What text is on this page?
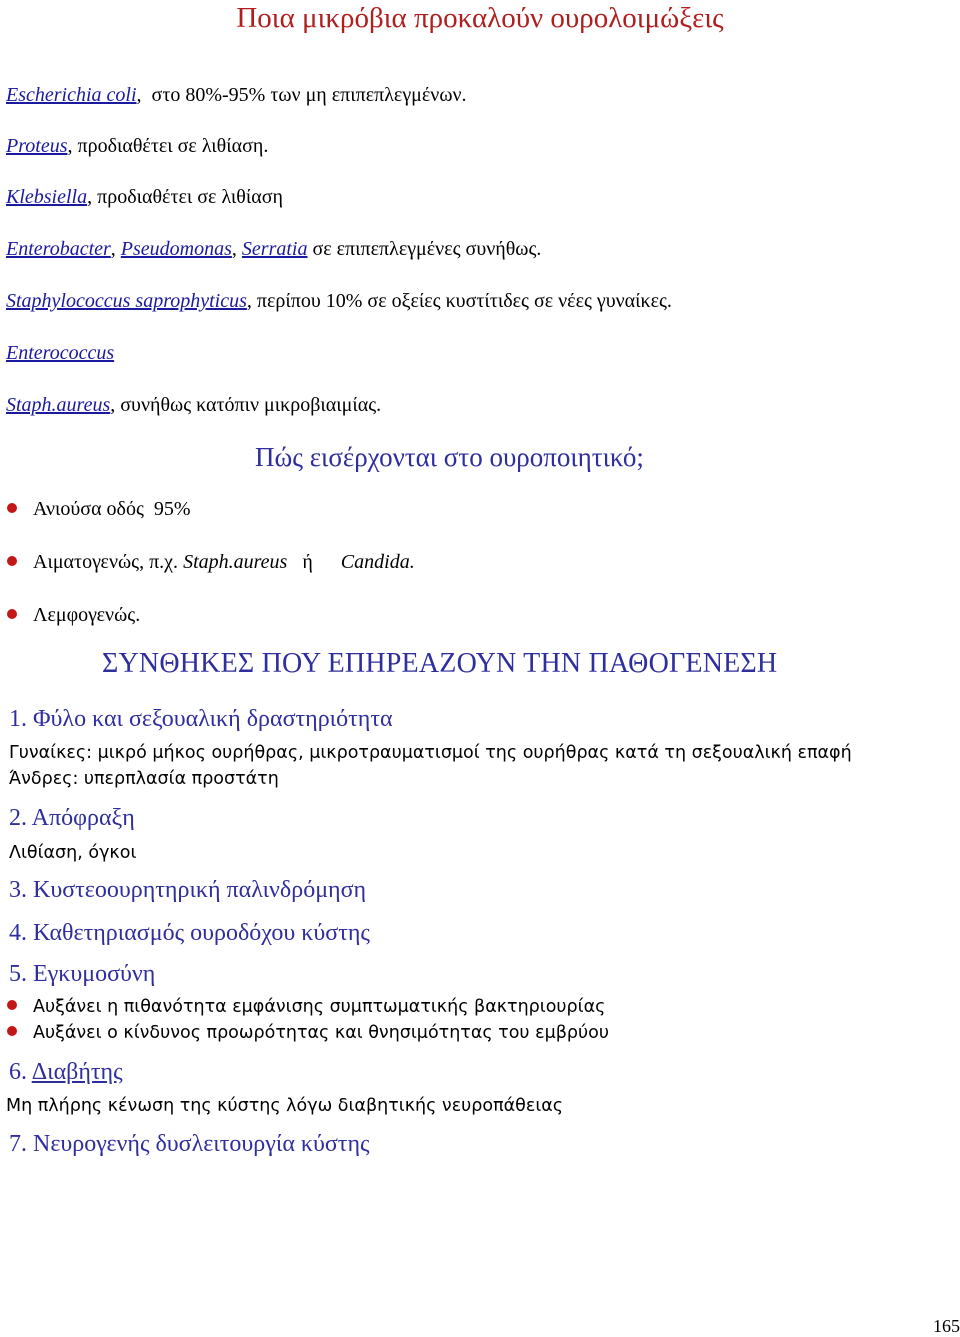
Ποια μικρόβια προκαλούν ουρολοιμώξεις
Escherichia coli,  στο 80%-95% των μη επιπεπλεγμένων.
Proteus, προδιαθέτει σε λιθίαση.
Klebsiella, προδιαθέτει σε λιθίαση
Enterobacter, Pseudomonas, Serratia σε επιπεπλεγμένες συνήθως.
Staphylococcus saprophyticus, περίπου 10% σε οξείες κυστίτιδες σε νέες γυναίκες.
Enterococcus
Staph.aureus, συνήθως κατόπιν μικροβιαιμίας.
Πώς εισέρχονται στο ουροποιητικό;
Ανιούσα οδός  95%
Αιματογενώς, π.χ. Staph.aureus   ή Candida.
Λεμφογενώς.
ΣΥΝΘΗΚΕΣ ΠΟΥ ΕΠΗΡΕΑΖΟΥΝ ΤΗΝ ΠΑΘΟΓΕΝΕΣΗ
1. Φύλο και σεξουαλική δραστηριότητα
Γυναίκες: μικρό μήκος ουρήθρας, μικροτραυματισμοί της ουρήθρας κατά τη σεξουαλική επαφή
Άνδρες: υπερπλασία προστάτη
2. Απόφραξη
Λιθίαση, όγκοι
3. Κυστεοουρητηρική παλινδρόμηση
4. Καθετηριασμός ουροδόχου κύστης
5. Εγκυμοσύνη
Αυξάνει η πιθανότητα εμφάνισης συμπτωματικής βακτηριουρίας
Αυξάνει ο κίνδυνος προωρότητας και θνησιμότητας του εμβρύου
6. Διαβήτης
Μη πλήρης κένωση της κύστης λόγω διαβητικής νευροπάθειας
7. Νευρογενής δυσλειτουργία κύστης
165
